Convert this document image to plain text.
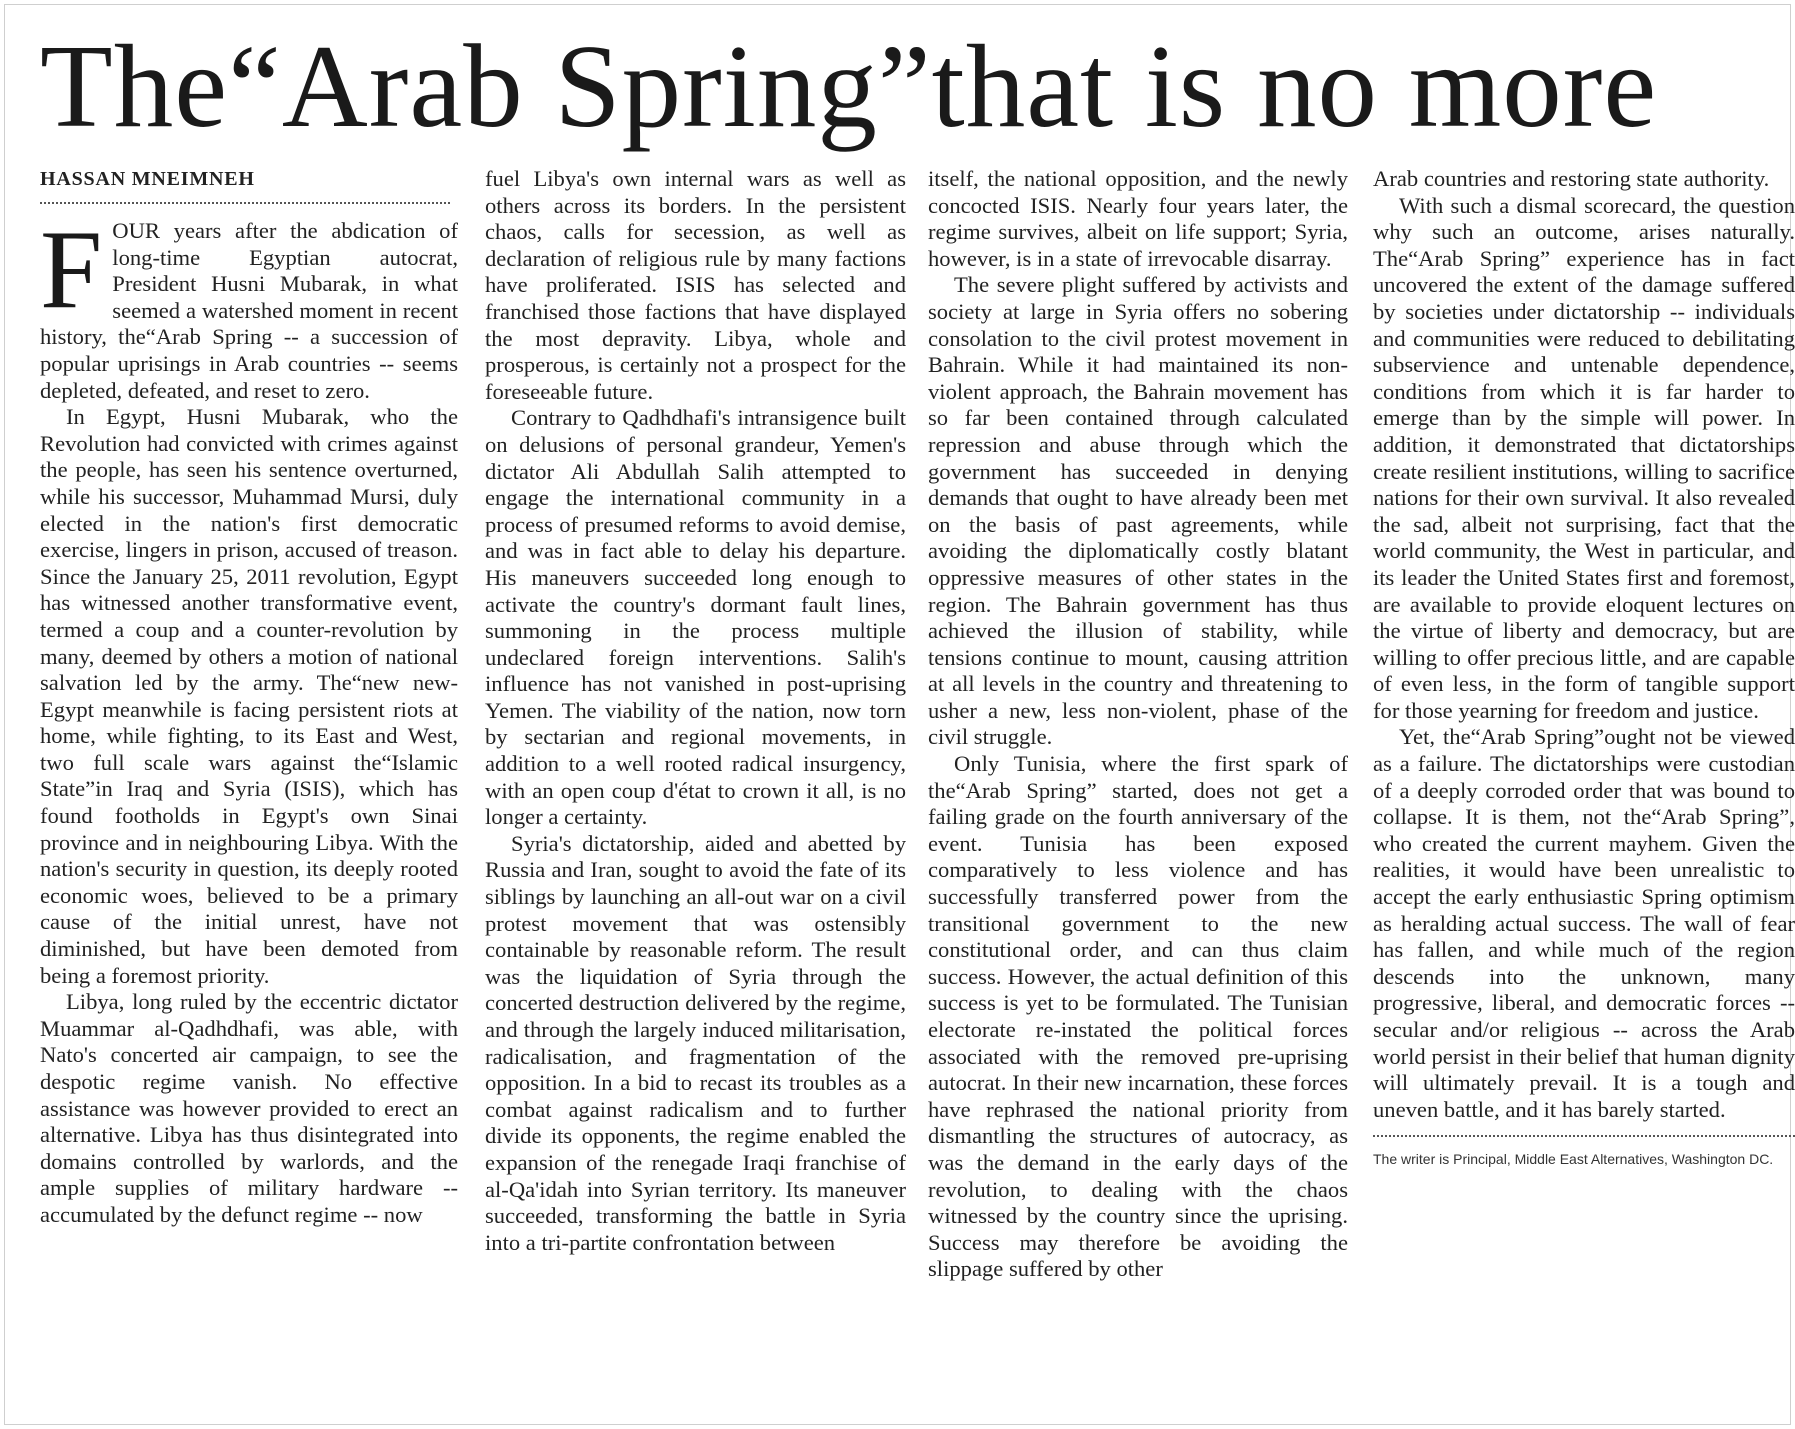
The“Arab Spring”that is no more
HASSAN MNEIMNEH

FOUR years after the abdication of long-time Egyptian autocrat, President Husni Mubarak, in what seemed a watershed moment in recent history, the“Arab Spring -- a succession of popular uprisings in Arab countries -- seems depleted, defeated, and reset to zero.

In Egypt, Husni Mubarak, who the Revolution had convicted with crimes against the people, has seen his sentence overturned, while his successor, Muhammad Mursi, duly elected in the nation's first democratic exercise, lingers in prison, accused of treason. Since the January 25, 2011 revolution, Egypt has witnessed another transformative event, termed a coup and a counter-revolution by many, deemed by others a motion of national salvation led by the army. The“new new-Egypt meanwhile is facing persistent riots at home, while fighting, to its East and West, two full scale wars against the“Islamic State”in Iraq and Syria (ISIS), which has found footholds in Egypt's own Sinai province and in neighbouring Libya. With the nation's security in question, its deeply rooted economic woes, believed to be a primary cause of the initial unrest, have not diminished, but have been demoted from being a foremost priority.

Libya, long ruled by the eccentric dictator Muammar al-Qadhdhafi, was able, with Nato's concerted air campaign, to see the despotic regime vanish. No effective assistance was however provided to erect an alternative. Libya has thus disintegrated into domains controlled by warlords, and the ample supplies of military hardware -- accumulated by the defunct regime -- now

fuel Libya's own internal wars as well as others across its borders. In the persistent chaos, calls for secession, as well as declaration of religious rule by many factions have proliferated. ISIS has selected and franchised those factions that have displayed the most depravity. Libya, whole and prosperous, is certainly not a prospect for the foreseeable future.

Contrary to Qadhdhafi's intransigence built on delusions of personal grandeur, Yemen's dictator Ali Abdullah Salih attempted to engage the international community in a process of presumed reforms to avoid demise, and was in fact able to delay his departure. His maneuvers succeeded long enough to activate the country's dormant fault lines, summoning in the process multiple undeclared foreign interventions. Salih's influence has not vanished in post-uprising Yemen. The viability of the nation, now torn by sectarian and regional movements, in addition to a well rooted radical insurgency, with an open coup d'état to crown it all, is no longer a certainty.

Syria's dictatorship, aided and abetted by Russia and Iran, sought to avoid the fate of its siblings by launching an all-out war on a civil protest movement that was ostensibly containable by reasonable reform. The result was the liquidation of Syria through the concerted destruction delivered by the regime, and through the largely induced militarisation, radicalisation, and fragmentation of the opposition. In a bid to recast its troubles as a combat against radicalism and to further divide its opponents, the regime enabled the expansion of the renegade Iraqi franchise of al-Qa'idah into Syrian territory. Its maneuver succeeded, transforming the battle in Syria into a tri-partite confrontation between

itself, the national opposition, and the newly concocted ISIS. Nearly four years later, the regime survives, albeit on life support; Syria, however, is in a state of irrevocable disarray.

The severe plight suffered by activists and society at large in Syria offers no sobering consolation to the civil protest movement in Bahrain. While it had maintained its non-violent approach, the Bahrain movement has so far been contained through calculated repression and abuse through which the government has succeeded in denying demands that ought to have already been met on the basis of past agreements, while avoiding the diplomatically costly blatant oppressive measures of other states in the region. The Bahrain government has thus achieved the illusion of stability, while tensions continue to mount, causing attrition at all levels in the country and threatening to usher a new, less non-violent, phase of the civil struggle.

Only Tunisia, where the first spark of the“Arab Spring” started, does not get a failing grade on the fourth anniversary of the event. Tunisia has been exposed comparatively to less violence and has successfully transferred power from the transitional government to the new constitutional order, and can thus claim success. However, the actual definition of this success is yet to be formulated. The Tunisian electorate re-instated the political forces associated with the removed pre-uprising autocrat. In their new incarnation, these forces have rephrased the national priority from dismantling the structures of autocracy, as was the demand in the early days of the revolution, to dealing with the chaos witnessed by the country since the uprising. Success may therefore be avoiding the slippage suffered by other

Arab countries and restoring state authority.

With such a dismal scorecard, the question why such an outcome, arises naturally. The“Arab Spring” experience has in fact uncovered the extent of the damage suffered by societies under dictatorship -- individuals and communities were reduced to debilitating subservience and untenable dependence, conditions from which it is far harder to emerge than by the simple will power. In addition, it demonstrated that dictatorships create resilient institutions, willing to sacrifice nations for their own survival. It also revealed the sad, albeit not surprising, fact that the world community, the West in particular, and its leader the United States first and foremost, are available to provide eloquent lectures on the virtue of liberty and democracy, but are willing to offer precious little, and are capable of even less, in the form of tangible support for those yearning for freedom and justice.

Yet, the“Arab Spring”ought not be viewed as a failure. The dictatorships were custodian of a deeply corroded order that was bound to collapse. It is them, not the“Arab Spring”, who created the current mayhem. Given the realities, it would have been unrealistic to accept the early enthusiastic Spring optimism as heralding actual success. The wall of fear has fallen, and while much of the region descends into the unknown, many progressive, liberal, and democratic forces -- secular and/or religious -- across the Arab world persist in their belief that human dignity will ultimately prevail. It is a tough and uneven battle, and it has barely started.

The writer is Principal, Middle East Alternatives, Washington DC.
